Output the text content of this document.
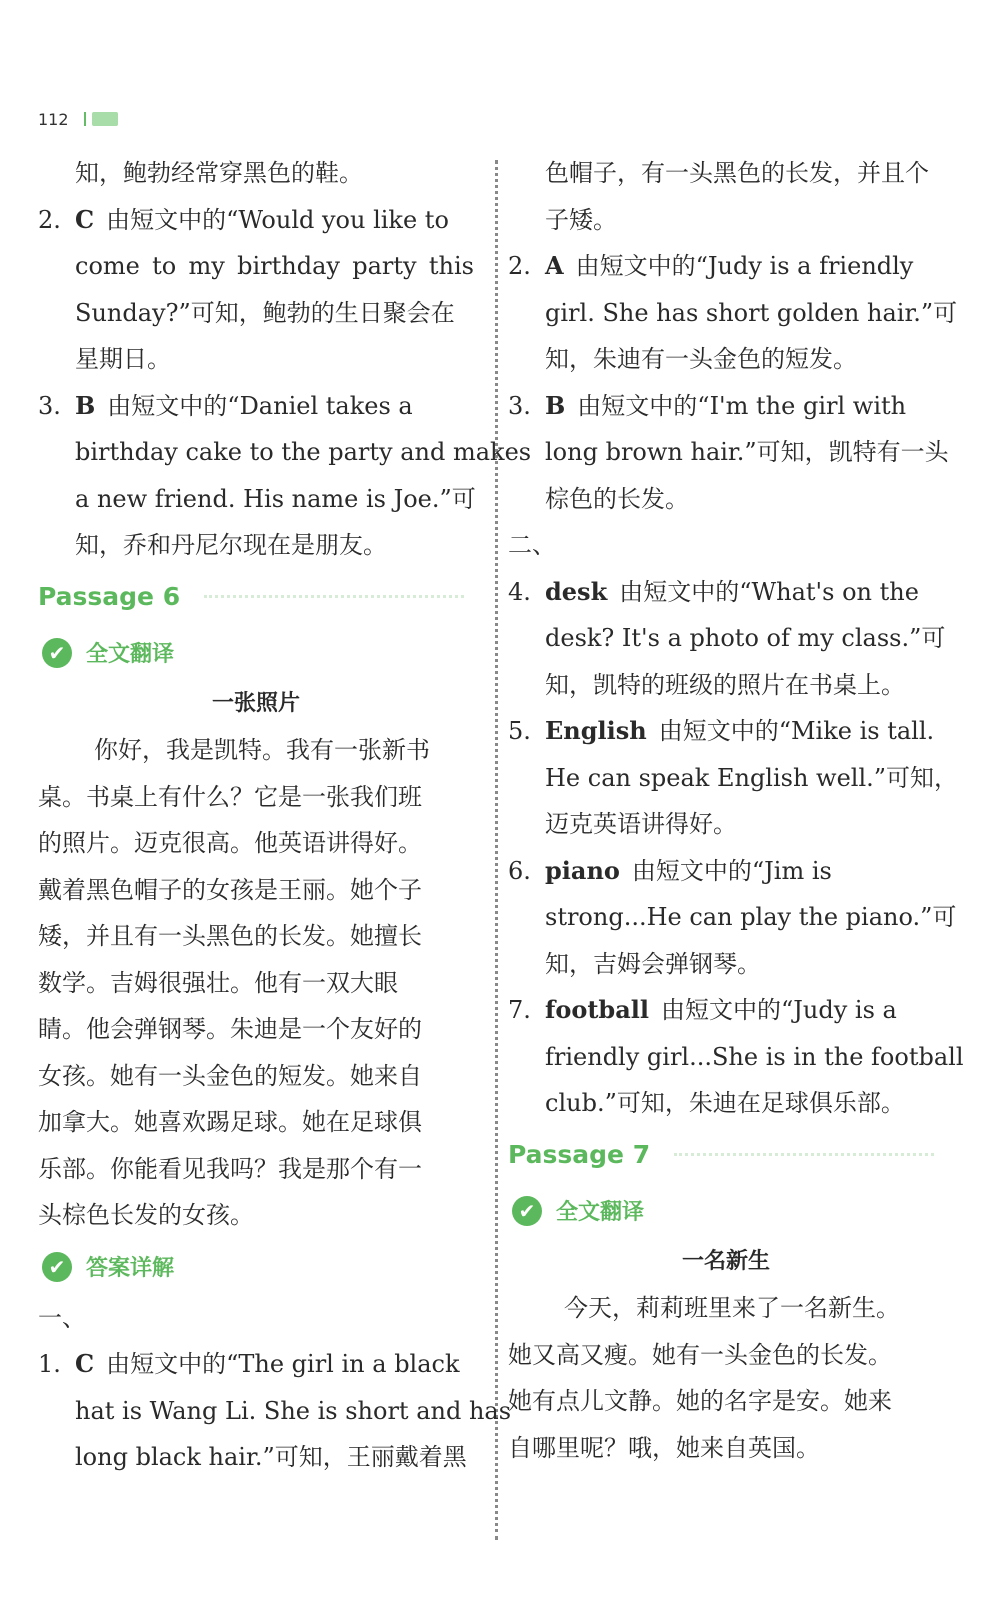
112
知，鲍勃经常穿黑色的鞋。
2. C 由短文中的“Would you like to
come to my birthday party this
Sunday?”可知，鲍勃的生日聚会在
星期日。
3. B 由短文中的“Daniel takes a
birthday cake to the party and makes
a new friend. His name is Joe.”可
知，乔和丹尼尔现在是朋友。
Passage 6
✔ 全文翻译
一张照片
你好，我是凯特。我有一张新书
桌。书桌上有什么？它是一张我们班
的照片。迈克很高。他英语讲得好。
戴着黑色帽子的女孩是王丽。她个子
矮，并且有一头黑色的长发。她擅长
数学。吉姆很强壮。他有一双大眼
睛。他会弹钢琴。朱迪是一个友好的
女孩。她有一头金色的短发。她来自
加拿大。她喜欢踢足球。她在足球俱
乐部。你能看见我吗？我是那个有一
头棕色长发的女孩。
✔ 答案详解
一、
1. C 由短文中的“The girl in a black
hat is Wang Li. She is short and has
long black hair.”可知，王丽戴着黑
色帽子，有一头黑色的长发，并且个
子矮。
2. A 由短文中的“Judy is a friendly
girl. She has short golden hair.”可
知，朱迪有一头金色的短发。
3. B 由短文中的“I'm the girl with
long brown hair.”可知，凯特有一头
棕色的长发。
二、
4. desk 由短文中的“What's on the
desk? It's a photo of my class.”可
知，凯特的班级的照片在书桌上。
5. English 由短文中的“Mike is tall.
He can speak English well.”可知，
迈克英语讲得好。
6. piano 由短文中的“Jim is
strong...He can play the piano.”可
知，吉姆会弹钢琴。
7. football 由短文中的“Judy is a
friendly girl...She is in the football
club.”可知，朱迪在足球俱乐部。
Passage 7
✔ 全文翻译
一名新生
今天，莉莉班里来了一名新生。
她又高又瘦。她有一头金色的长发。
她有点儿文静。她的名字是安。她来
自哪里呢？哦，她来自英国。
